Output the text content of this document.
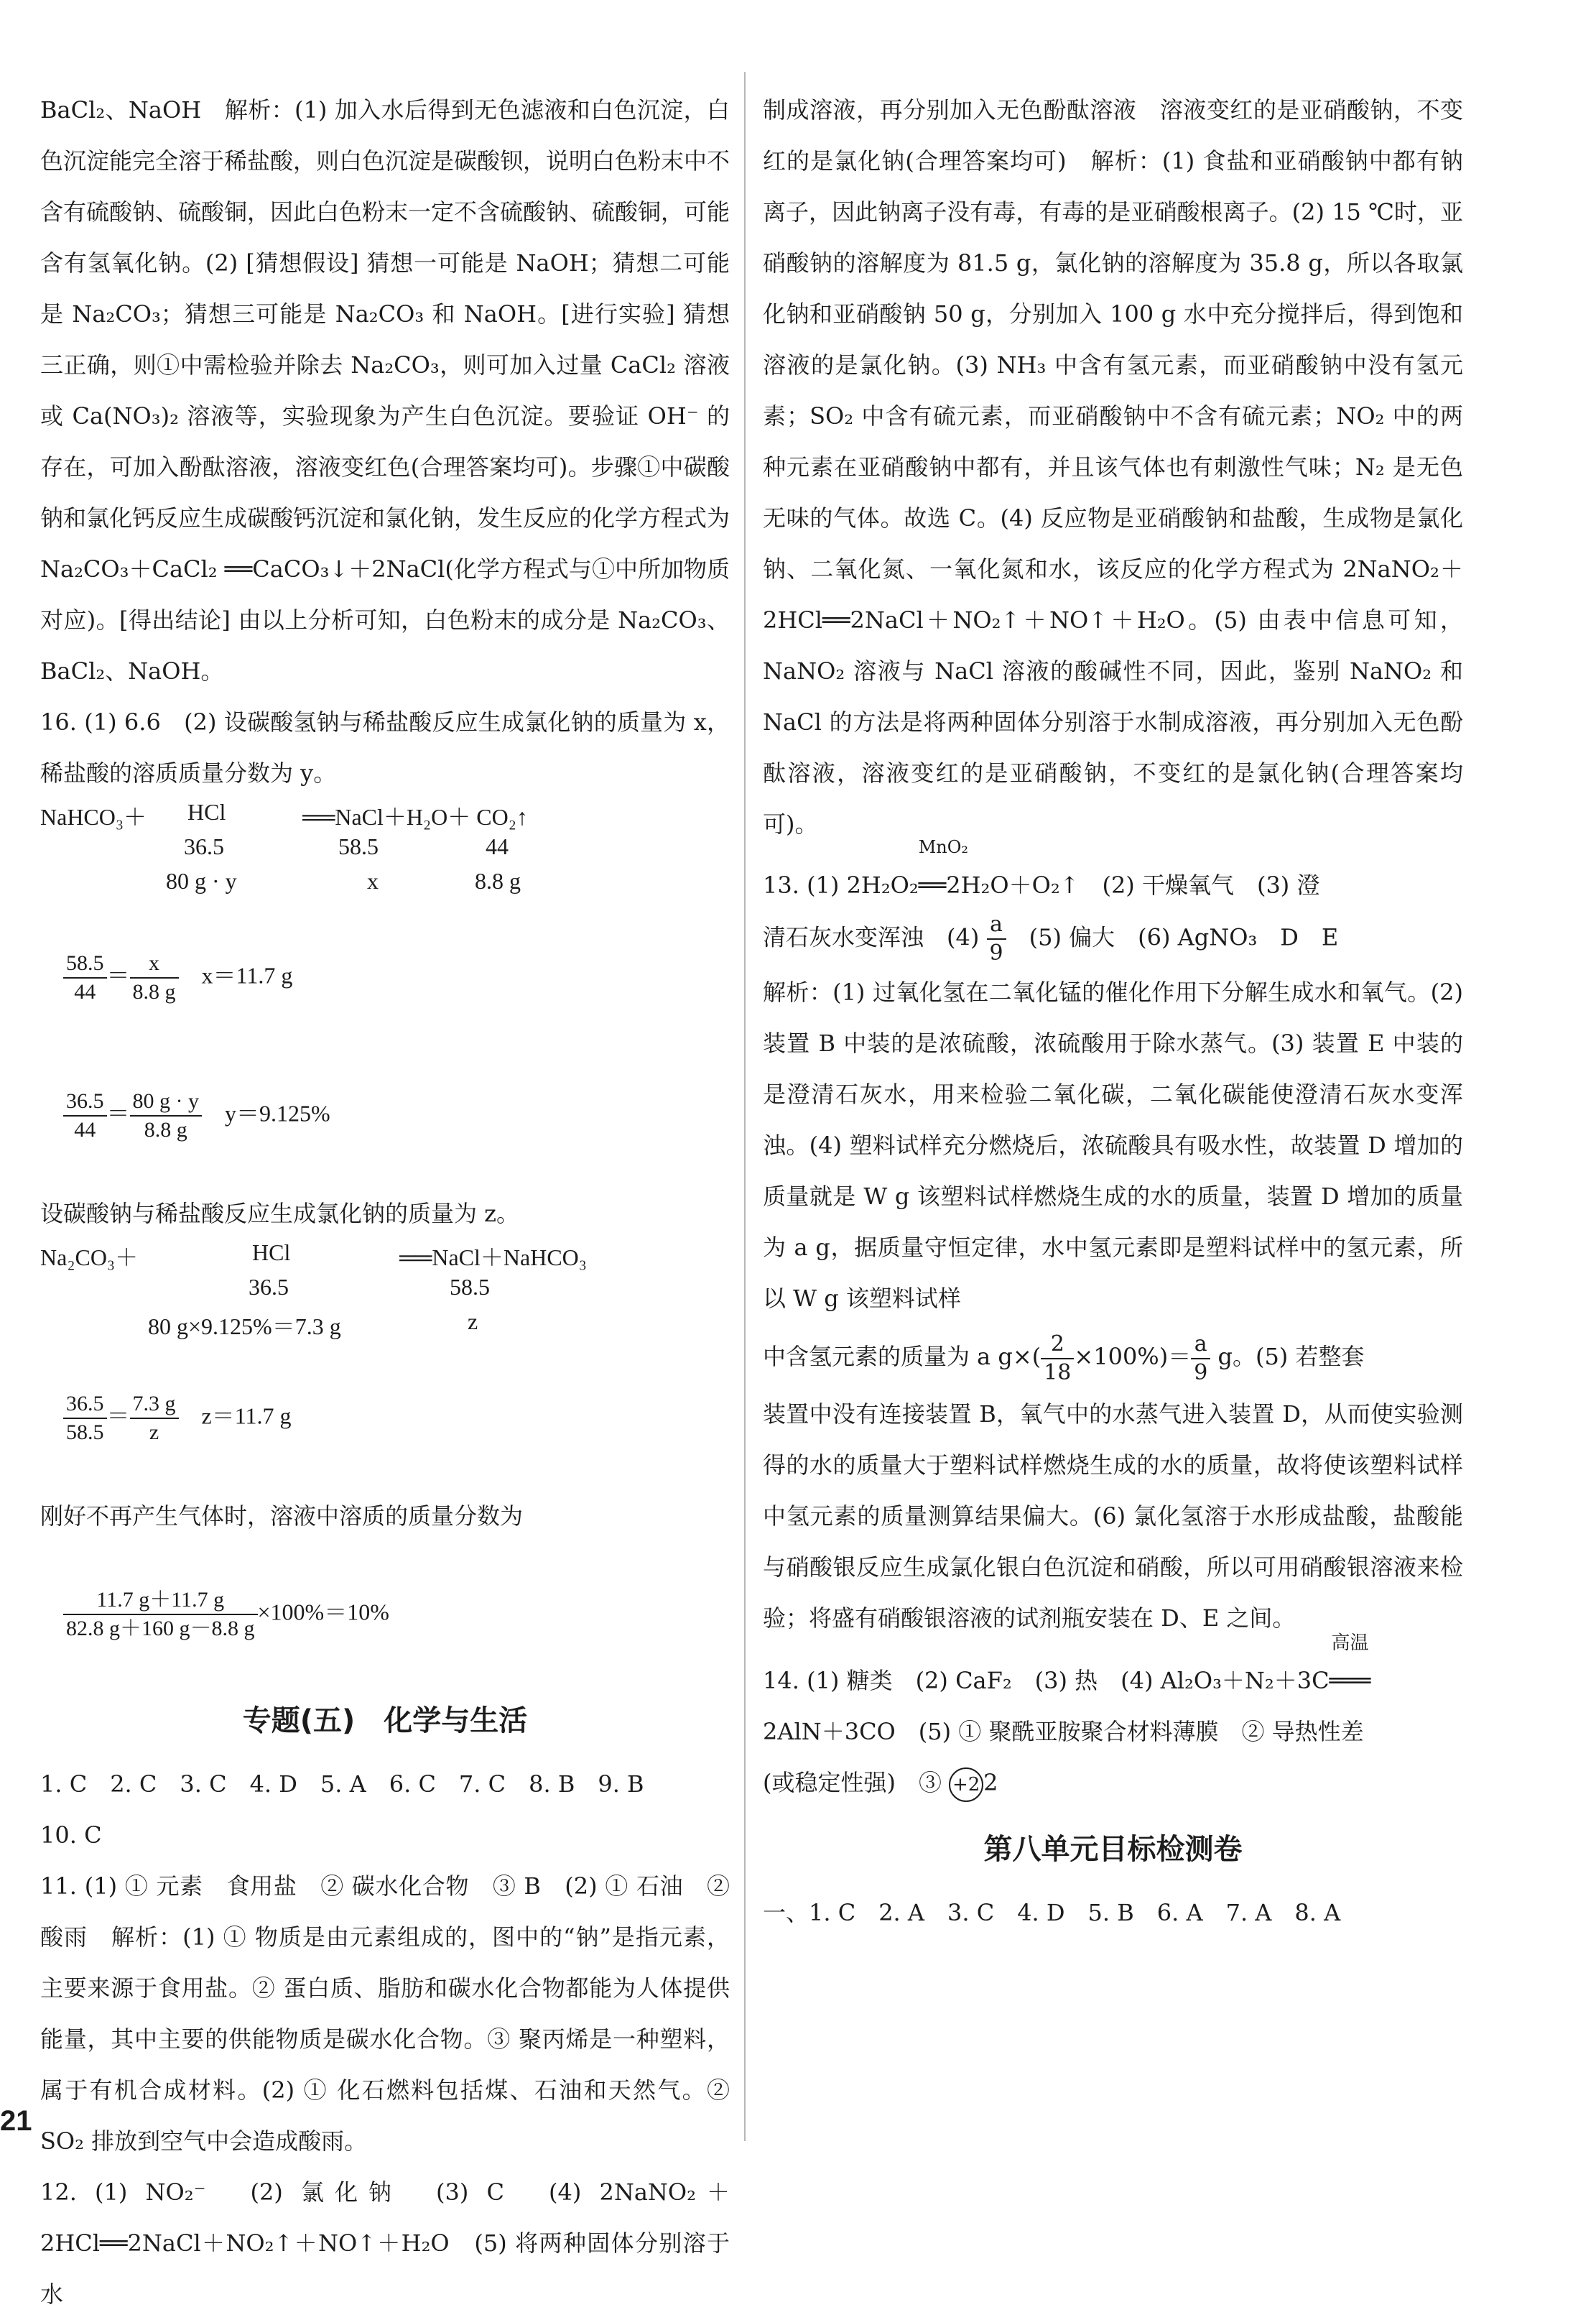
BaCl₂、NaOH　解析：(1) 加入水后得到无色滤液和白色沉淀，白色沉淀能完全溶于稀盐酸，则白色沉淀是碳酸钡，说明白色粉末中不含有硫酸钠、硫酸铜，因此白色粉末一定不含硫酸钠、硫酸铜，可能含有氢氧化钠。(2) [猜想假设] 猜想一可能是 NaOH；猜想二可能是 Na₂CO₃；猜想三可能是 Na₂CO₃ 和 NaOH。[进行实验] 猜想三正确，则①中需检验并除去 Na₂CO₃，则可加入过量 CaCl₂ 溶液或 Ca(NO₃)₂ 溶液等，实验现象为产生白色沉淀。要验证 OH⁻ 的存在，可加入酚酞溶液，溶液变红色(合理答案均可)。步骤①中碳酸钠和氯化钙反应生成碳酸钙沉淀和氯化钠，发生反应的化学方程式为 Na₂CO₃＋CaCl₂ ══CaCO₃↓＋2NaCl(化学方程式与①中所加物质对应)。[得出结论] 由以上分析可知，白色粉末的成分是 Na₂CO₃、BaCl₂、NaOH。

16. (1) 6.6　(2) 设碳酸氢钠与稀盐酸反应生成氯化钠的质量为 x，稀盐酸的溶质质量分数为 y。

NaHCO₃＋ HCl	══NaCl＋H₂O＋ CO₂↑
36.5	58.5	44
80 g · y	x	8.8 g

$\frac{58.5}{44} = \frac{x}{8.8 g}$
　 x＝11.7 g

$\frac{36.5}{44} = \frac{80 g \cdot y}{8.8 g}$
　 y＝9.125%

设碳酸钠与稀盐酸反应生成氯化钠的质量为 z。

Na₂CO₃＋	HCl	══NaCl＋NaHCO₃
36.5	58.5
80 g×9.125%＝7.3 g	z

$\frac{36.5}{58.5} = \frac{7.3 g}{z}$
　 z＝11.7 g

刚好不再产生气体时，溶液中溶质的质量分数为

$\frac{11.7 g+11.7 g}{82.8 g+160 g-8.8 g} \times 100\%=10\%$

专题(五)　化学与生活

1. C　2. C　3. C　4. D　5. A　6. C　7. C　8. B　9. B

10. C

11. (1) ① 元素　食用盐　② 碳水化合物　③ B　(2) ① 石油　② 酸雨　解析：(1) ① 物质是由元素组成的，图中的“钠”是指元素，主要来源于食用盐。② 蛋白质、脂肪和碳水化合物都能为人体提供能量，其中主要的供能物质是碳水化合物。③ 聚丙烯是一种塑料，属于有机合成材料。(2) ① 化石燃料包括煤、石油和天然气。② SO₂ 排放到空气中会造成酸雨。

12. (1) NO₂⁻　(2) 氯化钠　(3) C　(4) 2NaNO₂＋2HCl══2NaCl＋NO₂↑＋NO↑＋H₂O　(5) 将两种固体分别溶于水

制成溶液，再分别加入无色酚酞溶液　溶液变红的是亚硝酸钠，不变红的是氯化钠(合理答案均可)　解析：(1) 食盐和亚硝酸钠中都有钠离子，因此钠离子没有毒，有毒的是亚硝酸根离子。(2) 15 ℃时，亚硝酸钠的溶解度为 81.5 g，氯化钠的溶解度为 35.8 g，所以各取氯化钠和亚硝酸钠 50 g，分别加入 100 g 水中充分搅拌后，得到饱和溶液的是氯化钠。(3) NH₃ 中含有氢元素，而亚硝酸钠中没有氢元素；SO₂ 中含有硫元素，而亚硝酸钠中不含有硫元素；NO₂ 中的两种元素在亚硝酸钠中都有，并且该气体也有刺激性气味；N₂ 是无色无味的气体。故选 C。(4) 反应物是亚硝酸钠和盐酸，生成物是氯化钠、二氧化氮、一氧化氮和水，该反应的化学方程式为 2NaNO₂＋2HCl══2NaCl＋NO₂↑＋NO↑＋H₂O。(5) 由表中信息可知，NaNO₂ 溶液与 NaCl 溶液的酸碱性不同，因此，鉴别 NaNO₂ 和 NaCl 的方法是将两种固体分别溶于水制成溶液，再分别加入无色酚酞溶液，溶液变红的是亚硝酸钠，不变红的是氯化钠(合理答案均可)。

13. (1) 2H₂O₂
MnO₂
══2H₂O＋O₂↑　(2) 干燥氧气　(3) 澄

清石灰水变浑浊　$(4) \frac{a}{9}$ 　(5) 偏大　(6) AgNO₃　D　E

解析：(1) 过氧化氢在二氧化锰的催化作用下分解生成水和氧气。(2) 装置 B 中装的是浓硫酸，浓硫酸用于除水蒸气。(3) 装置 E 中装的是澄清石灰水，用来检验二氧化碳，二氧化碳能使澄清石灰水变浑浊。(4) 塑料试样充分燃烧后，浓硫酸具有吸水性，故装置 D 增加的质量就是 W g 该塑料试样燃烧生成的水的质量，装置 D 增加的质量为 a g，据质量守恒定律，水中氢元素即是塑料试样中的氢元素，所以 W g 该塑料试样

中含氢元素的质量为 a $g\times( \frac{2}{18} \times 100\%)= \frac{a}{9}$ g。(5) 若整套

装置中没有连接装置 B，氧气中的水蒸气进入装置 D，从而使实验测得的水的质量大于塑料试样燃烧生成的水的质量，故将使该塑料试样中氢元素的质量测算结果偏大。(6) 氯化氢溶于水形成盐酸，盐酸能与硝酸银反应生成氯化银白色沉淀和硝酸，所以可用硝酸银溶液来检验；将盛有硝酸银溶液的试剂瓶安装在 D、E 之间。

14. (1) 糖类　(2) CaF₂　(3) 热　(4) Al₂O₃＋N₂＋3C
高温
═══

2AlN＋3CO　(5) ① 聚酰亚胺聚合材料薄膜　② 导热性差

(或稳定性强)　③ +2 2

第八单元目标检测卷

一、1. C　2. A　3. C　4. D　5. B　6. A　7. A　8. A

21
